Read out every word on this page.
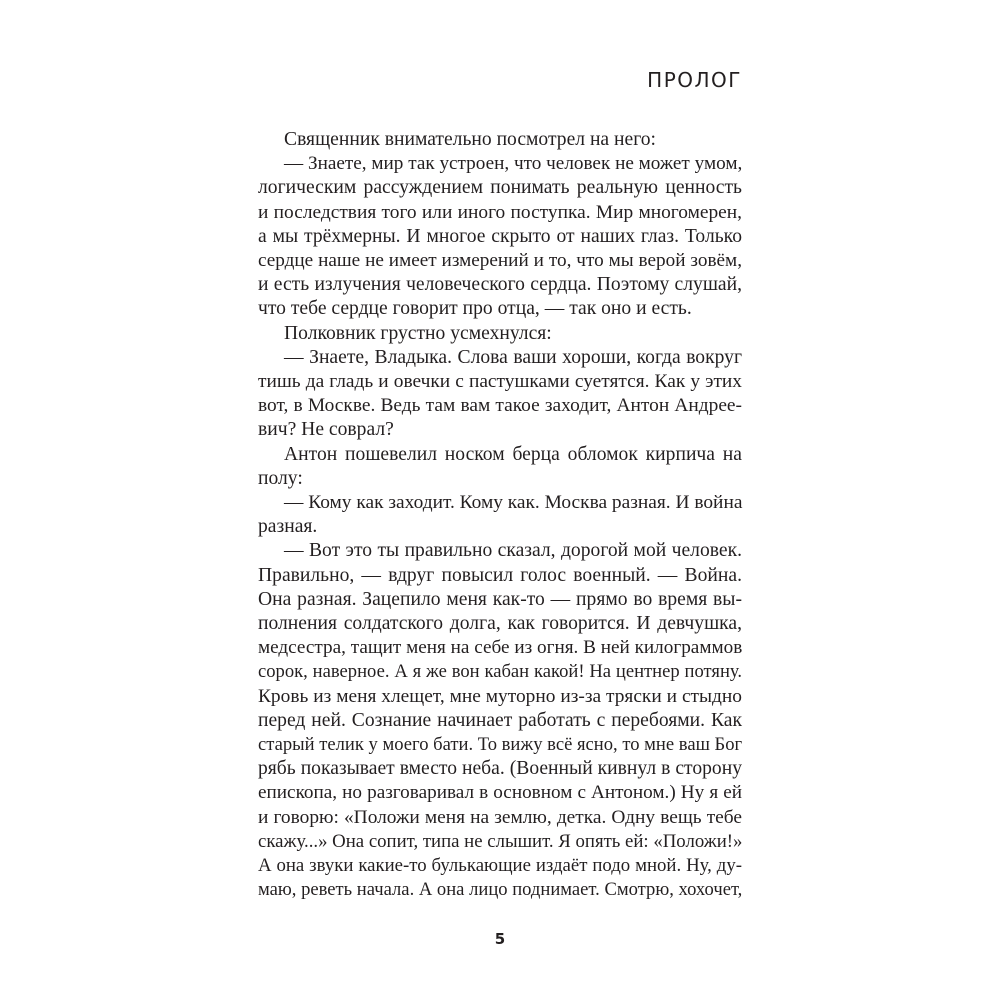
ПРОЛОГ
Священник внимательно посмотрел на него:
— Знаете, мир так устроен, что человек не может умом,
логическим рассуждением понимать реальную ценность
и последствия того или иного поступка. Мир многомерен,
а мы трёхмерны. И многое скрыто от наших глаз. Только
сердце наше не имеет измерений и то, что мы верой зовём,
и есть излучения человеческого сердца. Поэтому слушай,
что тебе сердце говорит про отца, — так оно и есть.
Полковник грустно усмехнулся:
— Знаете, Владыка. Слова ваши хороши, когда вокруг
тишь да гладь и овечки с пастушками суетятся. Как у этих
вот, в Москве. Ведь там вам такое заходит, Антон Андрее-
вич? Не соврал?
Антон пошевелил носком берца обломок кирпича на
полу:
— Кому как заходит. Кому как. Москва разная. И война
разная.
— Вот это ты правильно сказал, дорогой мой человек.
Правильно, — вдруг повысил голос военный. — Война.
Она разная. Зацепило меня как-то — прямо во время вы-
полнения солдатского долга, как говорится. И девчушка,
медсестра, тащит меня на себе из огня. В ней килограммов
сорок, наверное. А я же вон кабан какой! На центнер потяну.
Кровь из меня хлещет, мне муторно из-за тряски и стыдно
перед ней. Сознание начинает работать с перебоями. Как
старый телик у моего бати. То вижу всё ясно, то мне ваш Бог
рябь показывает вместо неба. (Военный кивнул в сторону
епископа, но разговаривал в основном с Антоном.) Ну я ей
и говорю: «Положи меня на землю, детка. Одну вещь тебе
скажу...» Она сопит, типа не слышит. Я опять ей: «Положи!»
А она звуки какие-то булькающие издаёт подо мной. Ну, ду-
маю, реветь начала. А она лицо поднимает. Смотрю, хохочет,
5
